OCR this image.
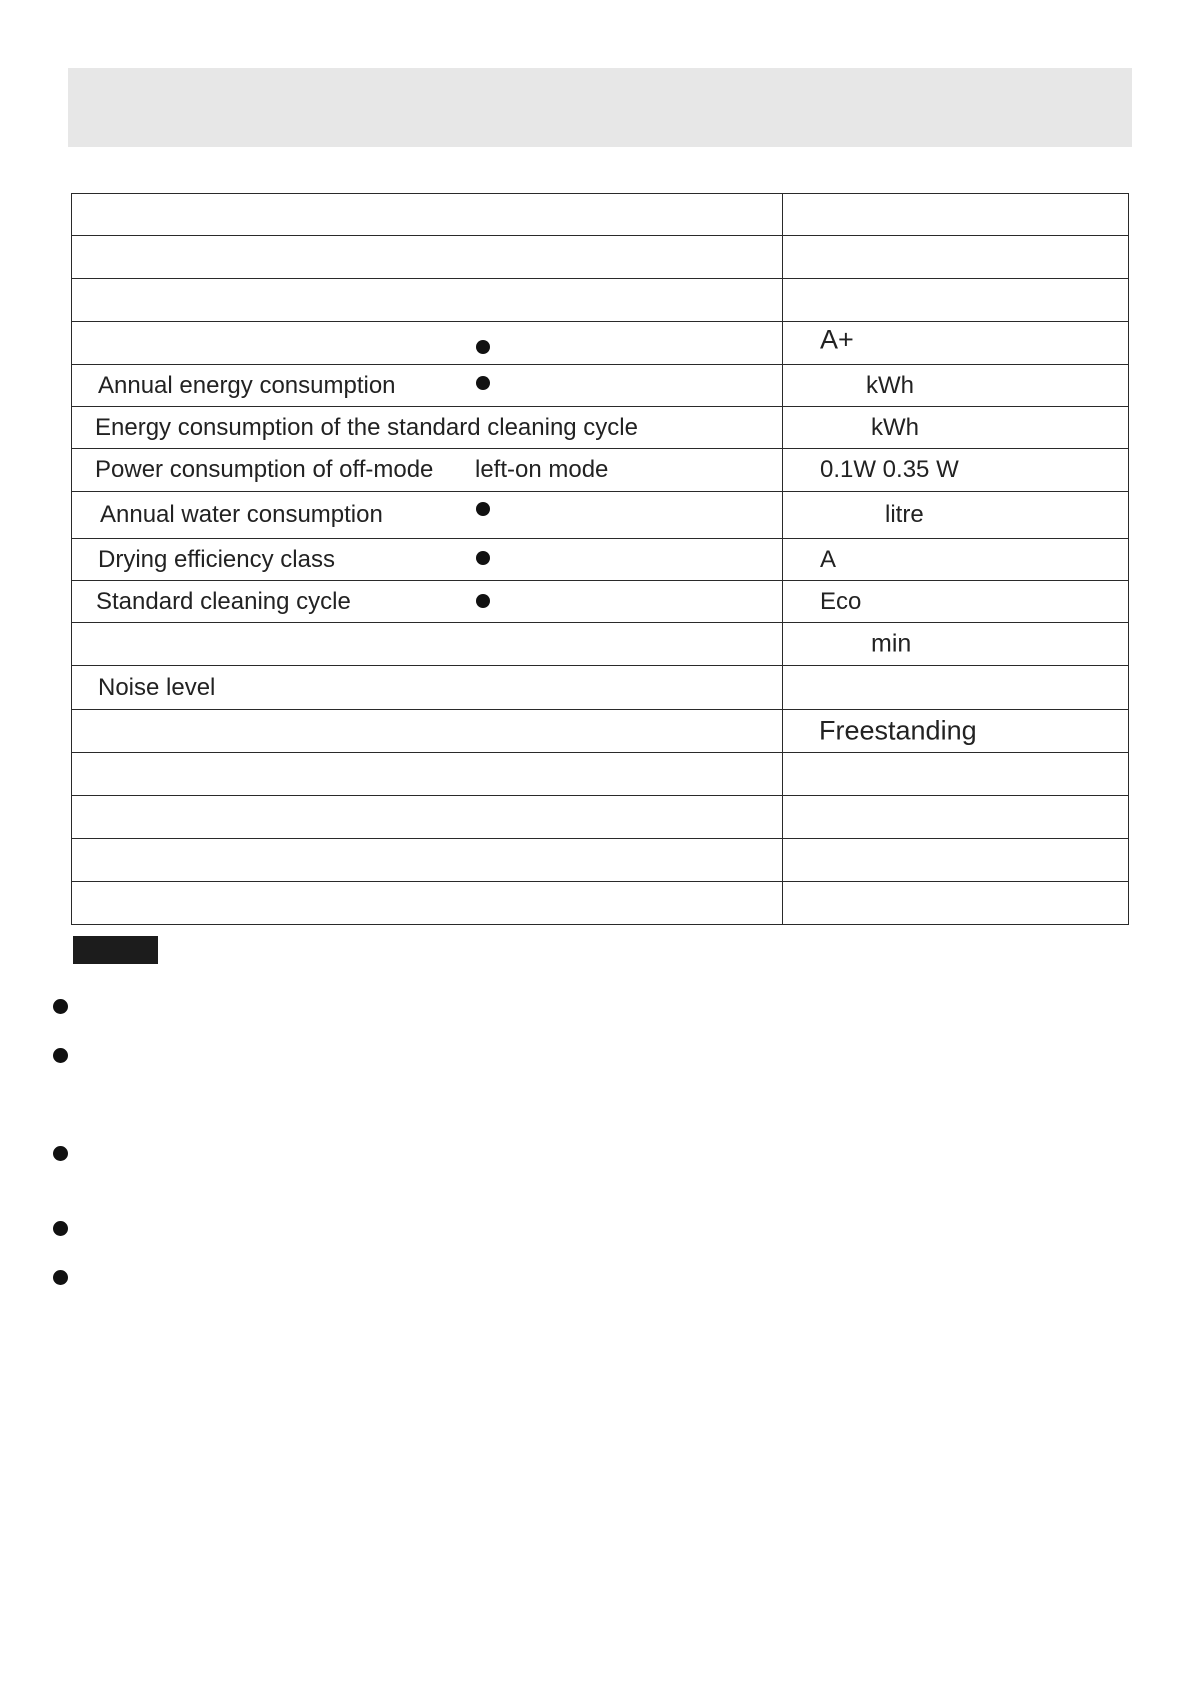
	A+

Annual energy consumption	kWh

Energy consumption of the standard cleaning cycle	kWh

Power consumption of off-mode left-on mode	0.1W 0.35 W

Annual water consumption	litre

Drying efficiency class	A

Standard cleaning cycle	Eco

	min

Noise level	

	Freestanding
